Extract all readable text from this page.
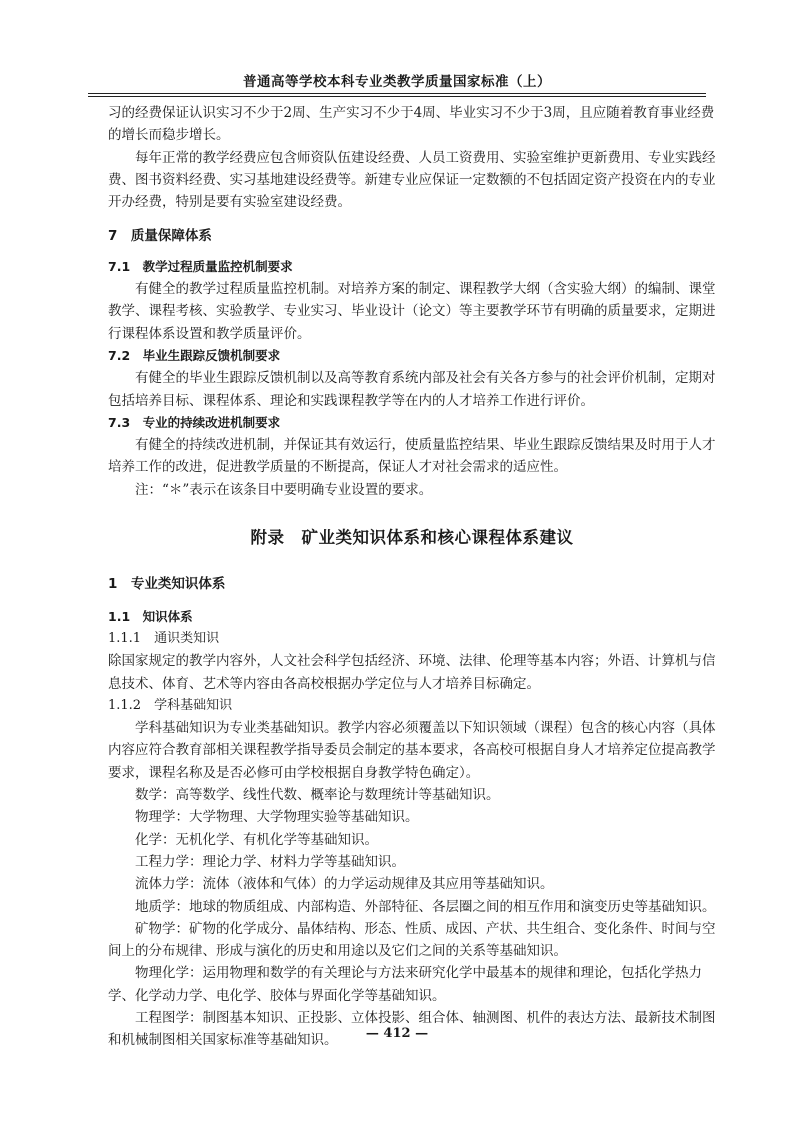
普通高等学校本科专业类教学质量国家标准（上）

习的经费保证认识实习不少于2周、生产实习不少于4周、毕业实习不少于3周，且应随着教育事业经费的增长而稳步增长。

每年正常的教学经费应包含师资队伍建设经费、人员工资费用、实验室维护更新费用、专业实践经费、图书资料经费、实习基地建设经费等。新建专业应保证一定数额的不包括固定资产投资在内的专业开办经费，特别是要有实验室建设经费。

7　质量保障体系
7.1　教学过程质量监控机制要求

有健全的教学过程质量监控机制。对培养方案的制定、课程教学大纲（含实验大纲）的编制、课堂教学、课程考核、实验教学、专业实习、毕业设计（论文）等主要教学环节有明确的质量要求，定期进行课程体系设置和教学质量评价。

7.2　毕业生跟踪反馈机制要求

有健全的毕业生跟踪反馈机制以及高等教育系统内部及社会有关各方参与的社会评价机制，定期对包括培养目标、课程体系、理论和实践课程教学等在内的人才培养工作进行评价。

7.3　专业的持续改进机制要求

有健全的持续改进机制，并保证其有效运行，使质量监控结果、毕业生跟踪反馈结果及时用于人才培养工作的改进，促进教学质量的不断提高，保证人才对社会需求的适应性。

注：“＊”表示在该条目中要明确专业设置的要求。

附录　矿业类知识体系和核心课程体系建议
1　专业类知识体系
1.1　知识体系
1.1.1　通识类知识

除国家规定的教学内容外，人文社会科学包括经济、环境、法律、伦理等基本内容；外语、计算机与信息技术、体育、艺术等内容由各高校根据办学定位与人才培养目标确定。

1.1.2　学科基础知识

学科基础知识为专业类基础知识。教学内容必须覆盖以下知识领域（课程）包含的核心内容（具体内容应符合教育部相关课程教学指导委员会制定的基本要求，各高校可根据自身人才培养定位提高教学要求，课程名称及是否必修可由学校根据自身教学特色确定）。

数学：高等数学、线性代数、概率论与数理统计等基础知识。

物理学：大学物理、大学物理实验等基础知识。

化学：无机化学、有机化学等基础知识。

工程力学：理论力学、材料力学等基础知识。

流体力学：流体（液体和气体）的力学运动规律及其应用等基础知识。

地质学：地球的物质组成、内部构造、外部特征、各层圈之间的相互作用和演变历史等基础知识。

矿物学：矿物的化学成分、晶体结构、形态、性质、成因、产状、共生组合、变化条件、时间与空间上的分布规律、形成与演化的历史和用途以及它们之间的关系等基础知识。

物理化学：运用物理和数学的有关理论与方法来研究化学中最基本的规律和理论，包括化学热力学、化学动力学、电化学、胶体与界面化学等基础知识。

工程图学：制图基本知识、正投影、立体投影、组合体、轴测图、机件的表达方法、最新技术制图和机械制图相关国家标准等基础知识。	— 412 —
